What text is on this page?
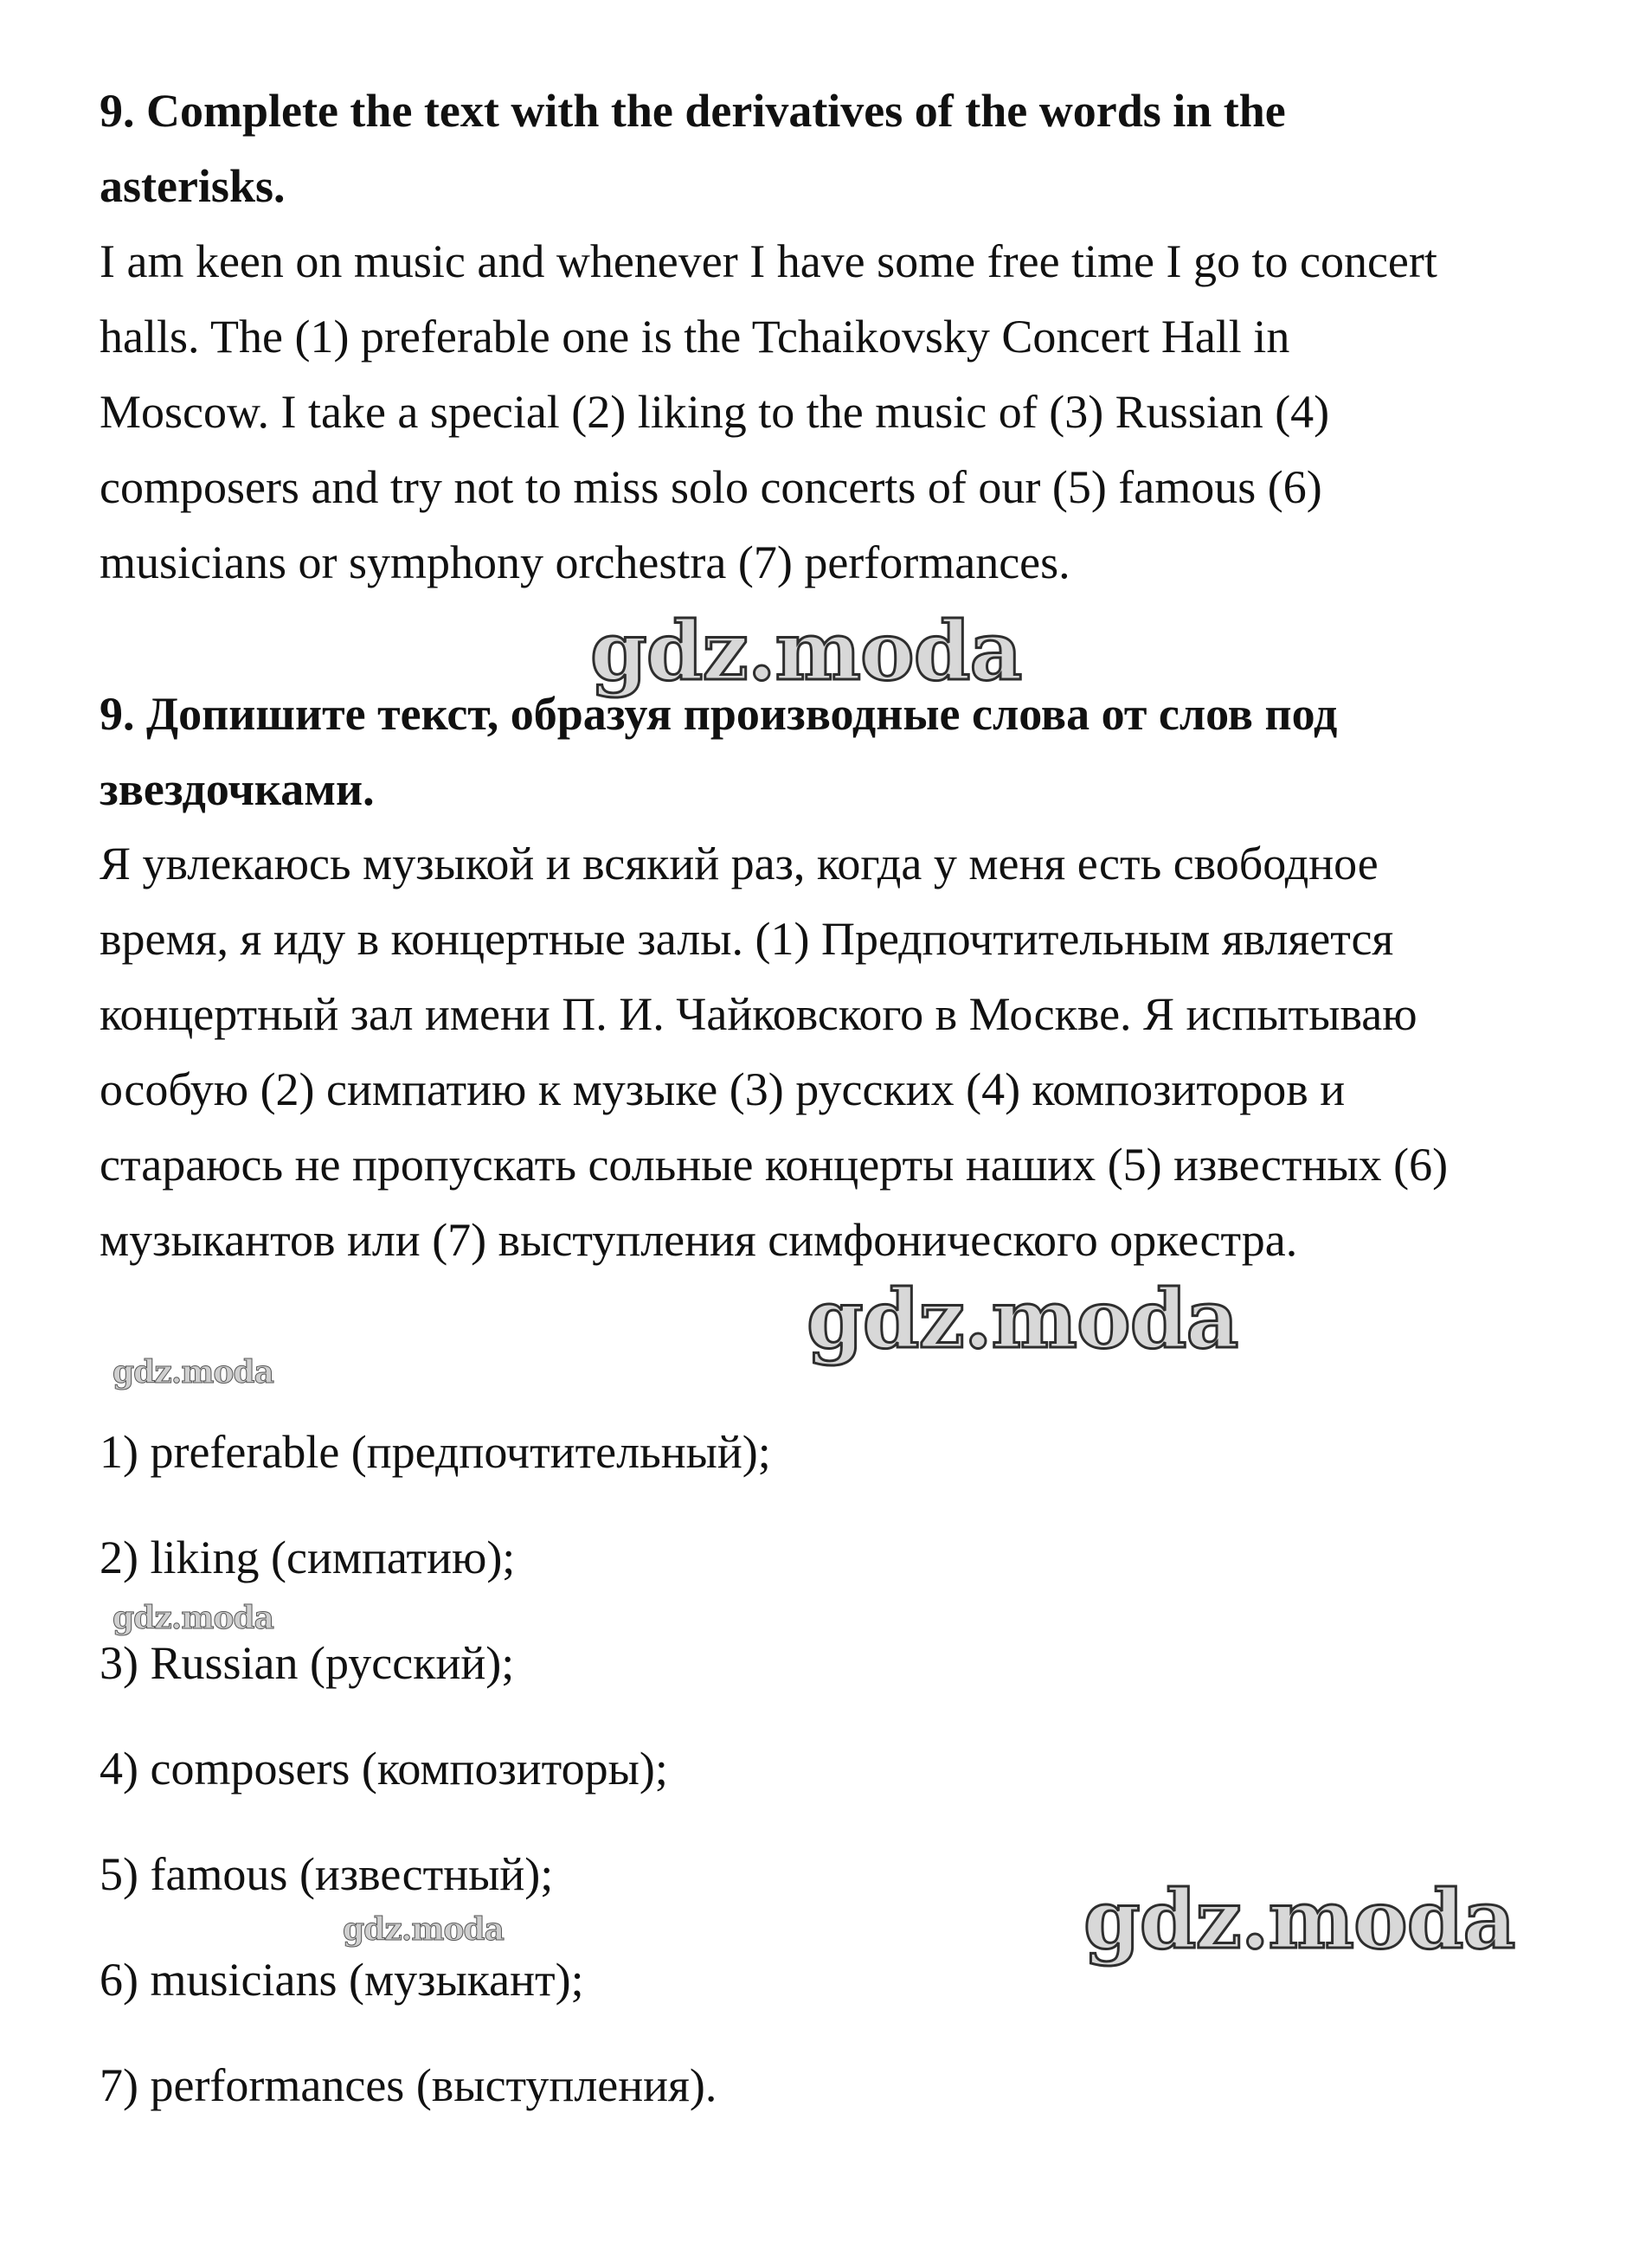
9. Complete the text with the derivatives of the words in the
asterisks.
I am keen on music and whenever I have some free time I go to concert
halls. The (1) preferable one is the Tchaikovsky Concert Hall in
Moscow. I take a special (2) liking to the music of (3) Russian (4)
composers and try not to miss solo concerts of our (5) famous (6)
musicians or symphony orchestra (7) performances.
9. Допишите текст, образуя производные слова от слов под
звездочками.
Я увлекаюсь музыкой и всякий раз, когда у меня есть свободное
время, я иду в концертные залы. (1) Предпочтительным является
концертный зал имени П. И. Чайковского в Москве. Я испытываю
особую (2) симпатию к музыке (3) русских (4) композиторов и
стараюсь не пропускать сольные концерты наших (5) известных (6)
музыкантов или (7) выступления симфонического оркестра.
1) preferable (предпочтительный);
2) liking (симпатию);
3) Russian (русский);
4) composers (композиторы);
5) famous (известный);
6) musicians (музыкант);
7) performances (выступления).
gdz.moda
gdz.moda
gdz.moda
gdz.moda
gdz.moda
gdz.moda
